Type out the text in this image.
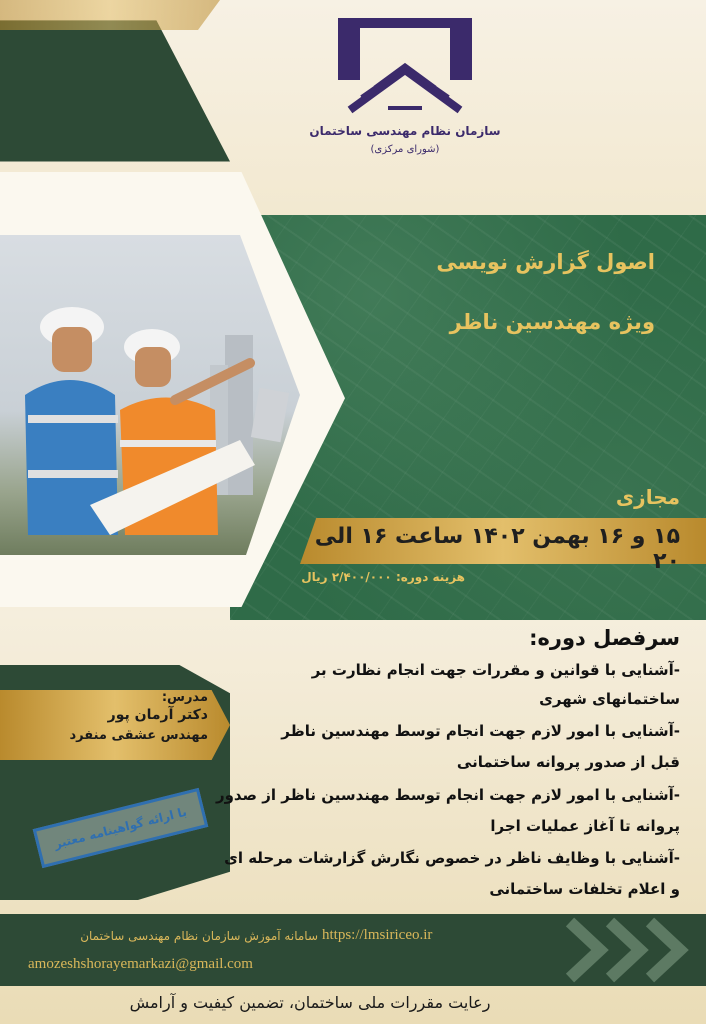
سازمان نظام مهندسی ساختمان
(شورای مرکزی)
اصول گزارش نویسی
ویژه مهندسین ناظر
مجازی
۱۵ و ۱۶ بهمن ۱۴۰۲ ساعت ۱۶ الی ۲۰
هزینه دوره: ۲/۴۰۰/۰۰۰ ریال
مدرس:
دکتر آرمان پور
مهندس عشقی منفرد
با ارائه گواهینامه معتبر
سرفصل دوره:
-آشنایی با قوانین و مقررات جهت انجام نظارت بر
ساختمانهای شهری
-آشنایی با امور لازم جهت انجام توسط مهندسین ناظر
قبل از صدور پروانه ساختمانی
-آشنایی با امور لازم جهت انجام توسط مهندسین ناظر از صدور
پروانه تا آغاز عملیات اجرا
-آشنایی با وظایف ناظر در خصوص نگارش گزارشات مرحله ای
و اعلام تخلفات ساختمانی
سامانه آموزش سازمان نظام مهندسی ساختمان https://lmsiriceo.ir
amozeshshorayemarkazi@gmail.com
رعایت مقررات ملی ساختمان، تضمین کیفیت و آرامش
